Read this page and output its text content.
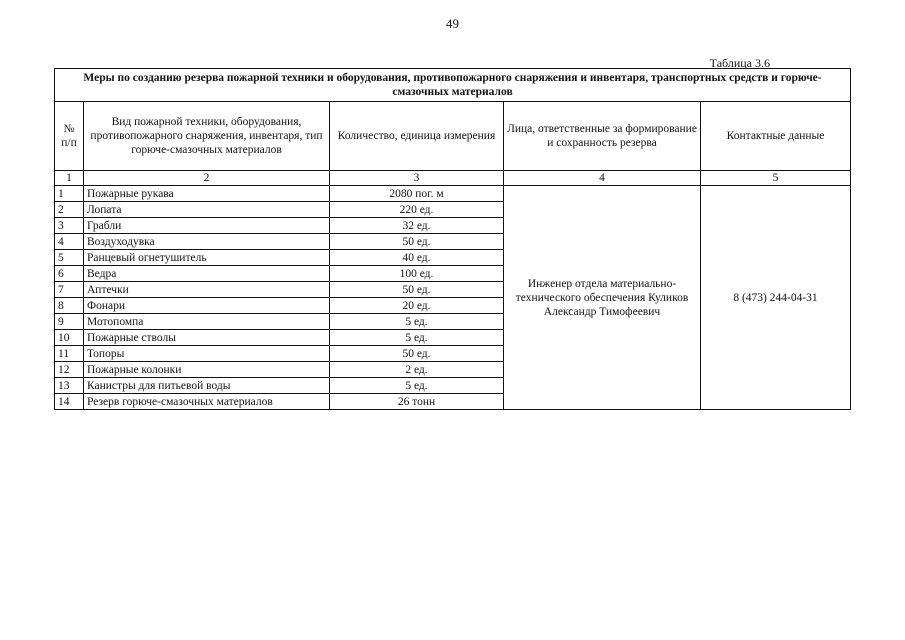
49
Таблица 3.6
Меры по созданию резерва пожарной техники и оборудования, противопожарного снаряжения и инвентаря, транспортных средств и горюче-смазочных материалов				
№ п/п	Вид пожарной техники, оборудования, противопожарного снаряжения, инвентаря, тип горюче-смазочных материалов	Количество, единица измерения	Лица, ответственные за формирование и сохранность резерва	Контактные данные
1	2	3	4	5
1	Пожарные рукава	2080 пог. м	Инженер отдела материально-технического обеспечения Куликов Александр Тимофеевич	8 (473) 244-04-31
2	Лопата	220 ед.		
3	Грабли	32 ед.		
4	Воздуходувка	50 ед.		
5	Ранцевый огнетушитель	40 ед.		
6	Ведра	100 ед.		
7	Аптечки	50 ед.		
8	Фонари	20 ед.		
9	Мотопомпа	5 ед.		
10	Пожарные стволы	5 ед.		
11	Топоры	50 ед.		
12	Пожарные колонки	2 ед.		
13	Канистры для питьевой воды	5 ед.		
14	Резерв горюче-смазочных материалов	26 тонн		
